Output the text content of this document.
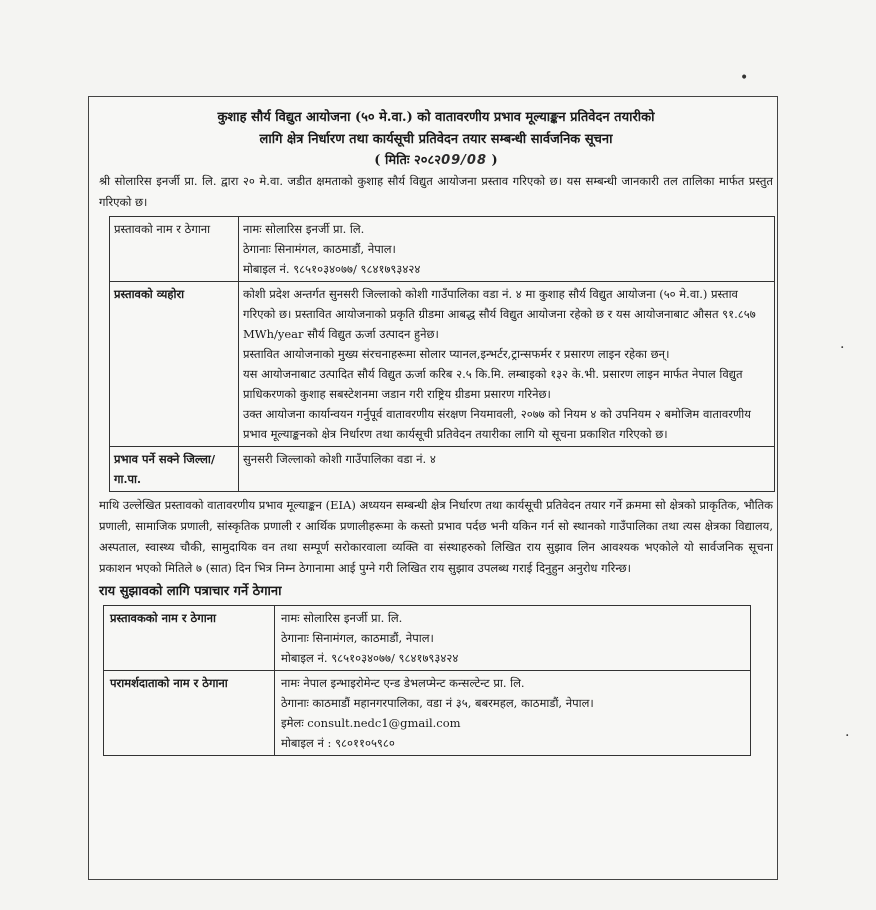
•
.
.

कुशाह सौर्य विद्युत आयोजना (५० मे.वा.) को वातावरणीय प्रभाव मूल्याङ्कन प्रतिवेदन तयारीको

लागि क्षेत्र निर्धारण तथा कार्यसूची प्रतिवेदन तयार सम्बन्धी सार्वजनिक सूचना

( मितिः २०८२09/08 )

श्री सोलारिस इनर्जी प्रा. लि. द्वारा २० मे.वा. जडीत क्षमताको कुशाह सौर्य विद्युत आयोजना प्रस्ताव गरिएको छ। यस सम्बन्धी जानकारी तल तालिका मार्फत प्रस्तुत गरिएको छ।

प्रस्तावको नाम र ठेगाना	नामः सोलारिस इनर्जी प्रा. लि.
ठेगानाः सिनामंगल, काठमाडौं, नेपाल।
मोबाइल नं. ९८५१०३४०७७/ ९८४१७९३४२४

प्रस्तावको व्यहोरा	कोशी प्रदेश अन्तर्गत सुनसरी जिल्लाको कोशी गाउँपालिका वडा नं. ४ मा कुशाह सौर्य विद्युत आयोजना (५० मे.वा.) प्रस्ताव गरिएको छ। प्रस्तावित आयोजनाको प्रकृति ग्रीडमा आबद्ध सौर्य विद्युत आयोजना रहेको छ र यस आयोजनाबाट औसत ९१.८५७ MWh/year सौर्य विद्युत ऊर्जा उत्पादन हुनेछ।
प्रस्तावित आयोजनाको मुख्य संरचनाहरूमा सोलार प्यानल,इन्भर्टर,ट्रान्सफर्मर र प्रसारण लाइन रहेका छन्।
यस आयोजनाबाट उत्पादित सौर्य विद्युत ऊर्जा करिब २.५ कि.मि. लम्बाइको १३२ के.भी. प्रसारण लाइन मार्फत नेपाल विद्युत प्राधिकरणको कुशाह सबस्टेशनमा जडान गरी राष्ट्रिय ग्रीडमा प्रसारण गरिनेछ।
उक्त आयोजना कार्यान्वयन गर्नुपूर्व वातावरणीय संरक्षण नियमावली, २०७७ को नियम ४ को उपनियम २ बमोजिम वातावरणीय प्रभाव मूल्याङ्कनको क्षेत्र निर्धारण तथा कार्यसूची प्रतिवेदन तयारीका लागि यो सूचना प्रकाशित गरिएको छ।

प्रभाव पर्ने सक्ने जिल्ला/ गा.पा.	सुनसरी जिल्लाको कोशी गाउँपालिका वडा नं. ४

माथि उल्लेखित प्रस्तावको वातावरणीय प्रभाव मूल्याङ्कन (EIA) अध्ययन सम्बन्धी क्षेत्र निर्धारण तथा कार्यसूची प्रतिवेदन तयार गर्ने क्रममा सो क्षेत्रको प्राकृतिक, भौतिक प्रणाली, सामाजिक प्रणाली, सांस्कृतिक प्रणाली र आर्थिक प्रणालीहरूमा के कस्तो प्रभाव पर्दछ भनी यकिन गर्न सो स्थानको गाउँपालिका तथा त्यस क्षेत्रका विद्यालय, अस्पताल, स्वास्थ्य चौकी, सामुदायिक वन तथा सम्पूर्ण सरोकारवाला व्यक्ति वा संस्थाहरुको लिखित राय सुझाव लिन आवश्यक भएकोले यो सार्वजनिक सूचना प्रकाशन भएको मितिले ७ (सात) दिन भित्र निम्न ठेगानामा आई पुग्ने गरी लिखित राय सुझाव उपलब्ध गराई दिनुहुन अनुरोध गरिन्छ।

राय सुझावको लागि पत्राचार गर्ने ठेगाना

प्रस्तावकको नाम र ठेगाना	नामः सोलारिस इनर्जी प्रा. लि.
ठेगानाः सिनामंगल, काठमाडौं, नेपाल।
मोबाइल नं. ९८५१०३४०७७/ ९८४१७९३४२४

परामर्शदाताको नाम र ठेगाना	नामः नेपाल इन्भाइरोमेन्ट एन्ड डेभलप्मेन्ट कन्सल्टेन्ट प्रा. लि.
ठेगानाः काठमाडौं महानगरपालिका, वडा नं ३५, बबरमहल, काठमाडौं, नेपाल।
इमेलः consult.nedc1@gmail.com
मोबाइल नं : ९८०११०५९८०
